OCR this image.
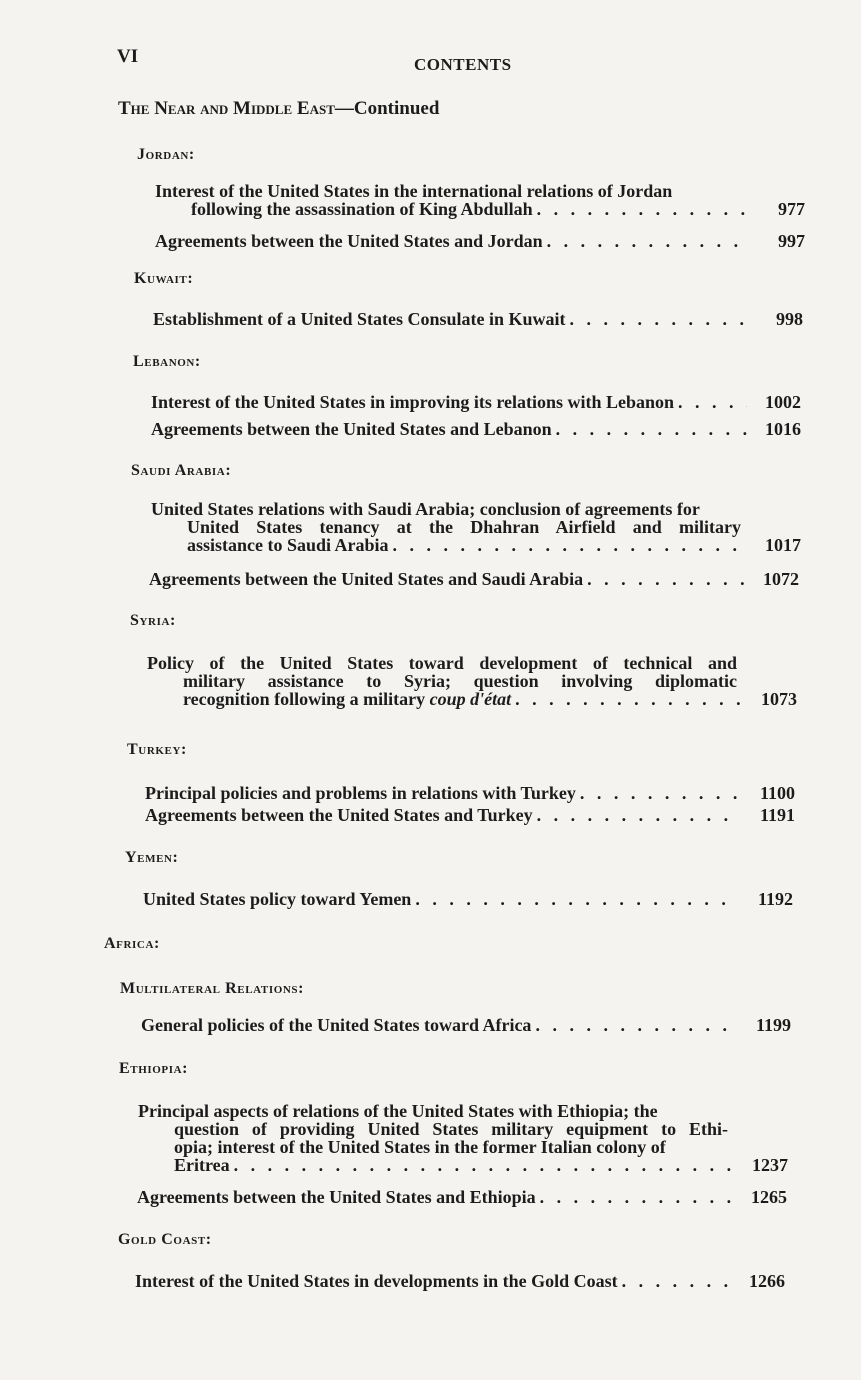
VI	CONTENTS
The Near and Middle East—Continued
Jordan:
Interest of the United States in the international relations of Jordan
following the assassination of King Abdullah . . .	977
Agreements between the United States and Jordan . . .	997
Kuwait:
Establishment of a United States Consulate in Kuwait . . .	998
Lebanon:
Interest of the United States in improving its relations with Lebanon . . .	1002
Agreements between the United States and Lebanon . . .	1016
Saudi Arabia:
United States relations with Saudi Arabia; conclusion of agreements for
United States tenancy at the Dhahran Airfield and military
assistance to Saudi Arabia . . .	1017
Agreements between the United States and Saudi Arabia . . .	1072
Syria:
Policy of the United States toward development of technical and
military assistance to Syria; question involving diplomatic
recognition following a military coup d'état . . .	1073
Turkey:
Principal policies and problems in relations with Turkey . . .	1100
Agreements between the United States and Turkey . . .	1191
Yemen:
United States policy toward Yemen . . .	1192
Africa:
Multilateral Relations:
General policies of the United States toward Africa . . .	1199
Ethiopia:
Principal aspects of relations of the United States with Ethiopia; the
question of providing United States military equipment to Ethi-
opia; interest of the United States in the former Italian colony of
Eritrea . . .	1237
Agreements between the United States and Ethiopia . . .	1265
Gold Coast:
Interest of the United States in developments in the Gold Coast . . .	1266
